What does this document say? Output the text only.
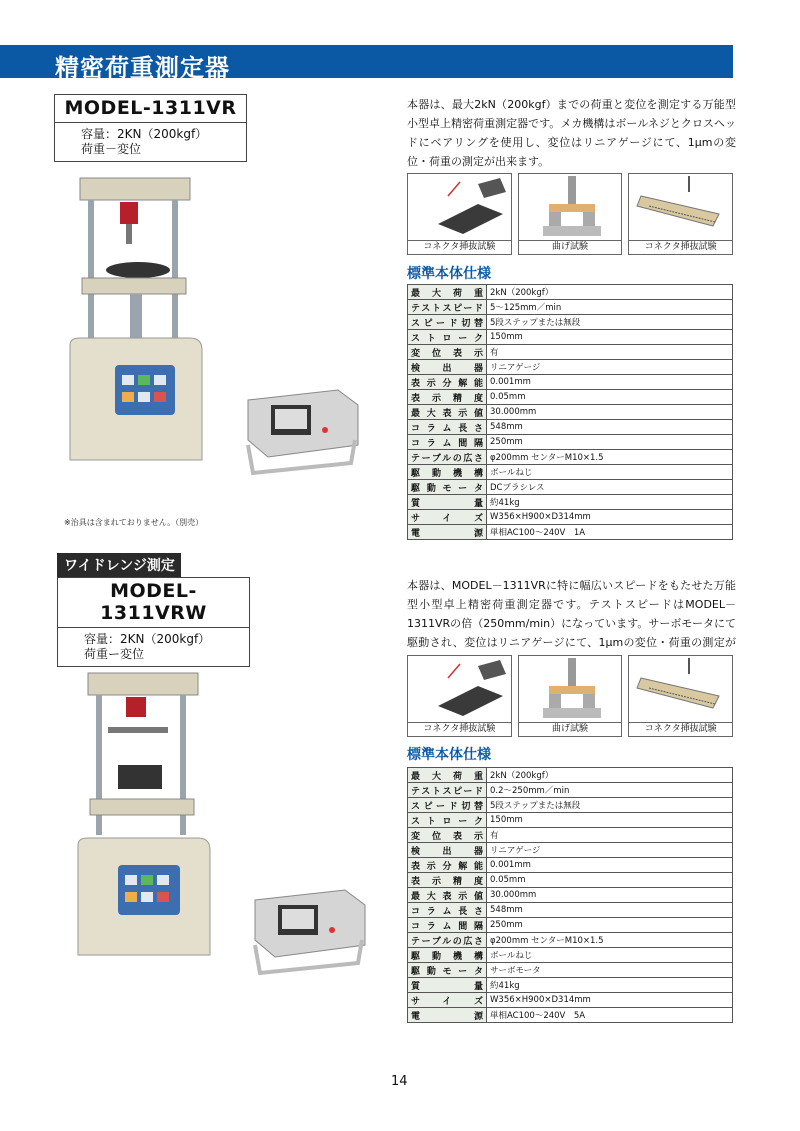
精密荷重測定器
MODEL-1311VR
容量：2KN（200kgf）
荷重－変位
※治具は含まれておりません。（別売）
本器は、最大2kN（200kgf）までの荷重と変位を測定する万能型小型卓上精密荷重測定器です。メカ機構はボールネジとクロスヘッドにベアリングを使用し、変位はリニアゲージにて、1μmの変位・荷重の測定が出来ます。
コネクタ挿抜試験	曲げ試験	コネクタ挿抜試験
標準本体仕様
最大荷重	2kN（200kgf）
テストスピード	5〜125mm／min
スピード切替	5段ステップまたは無段
ストローク	150mm
変位表示	有
検出器	リニアゲージ
表示分解能	0.001mm
表示精度	0.05mm
最大表示値	30.000mm
コラム長さ	548mm
コラム間隔	250mm
テーブルの広さ	φ200mm センターM10×1.5
駆動機構	ボールねじ
駆動モータ	DCブラシレス
質量	約41kg
サイズ	W356×H900×D314mm
電源	単相AC100〜240V　1A
ワイドレンジ測定
MODEL-1311VRW
容量：2KN（200kgf）
荷重ー変位
本器は、MODEL－1311VRに特に幅広いスピードをもたせた万能型小型卓上精密荷重測定器です。テストスピードはMODEL－1311VRの倍（250mm/min）になっています。サーボモータにて駆動され、変位はリニアゲージにて、1μmの変位・荷重の測定が
コネクタ挿抜試験	曲げ試験	コネクタ挿抜試験
標準本体仕様
最大荷重	2kN（200kgf）
テストスピード	0.2〜250mm／min
スピード切替	5段ステップまたは無段
ストローク	150mm
変位表示	有
検出器	リニアゲージ
表示分解能	0.001mm
表示精度	0.05mm
最大表示値	30.000mm
コラム長さ	548mm
コラム間隔	250mm
テーブルの広さ	φ200mm センターM10×1.5
駆動機構	ボールねじ
駆動モータ	サーボモータ
質量	約41kg
サイズ	W356×H900×D314mm
電源	単相AC100〜240V　5A
14
